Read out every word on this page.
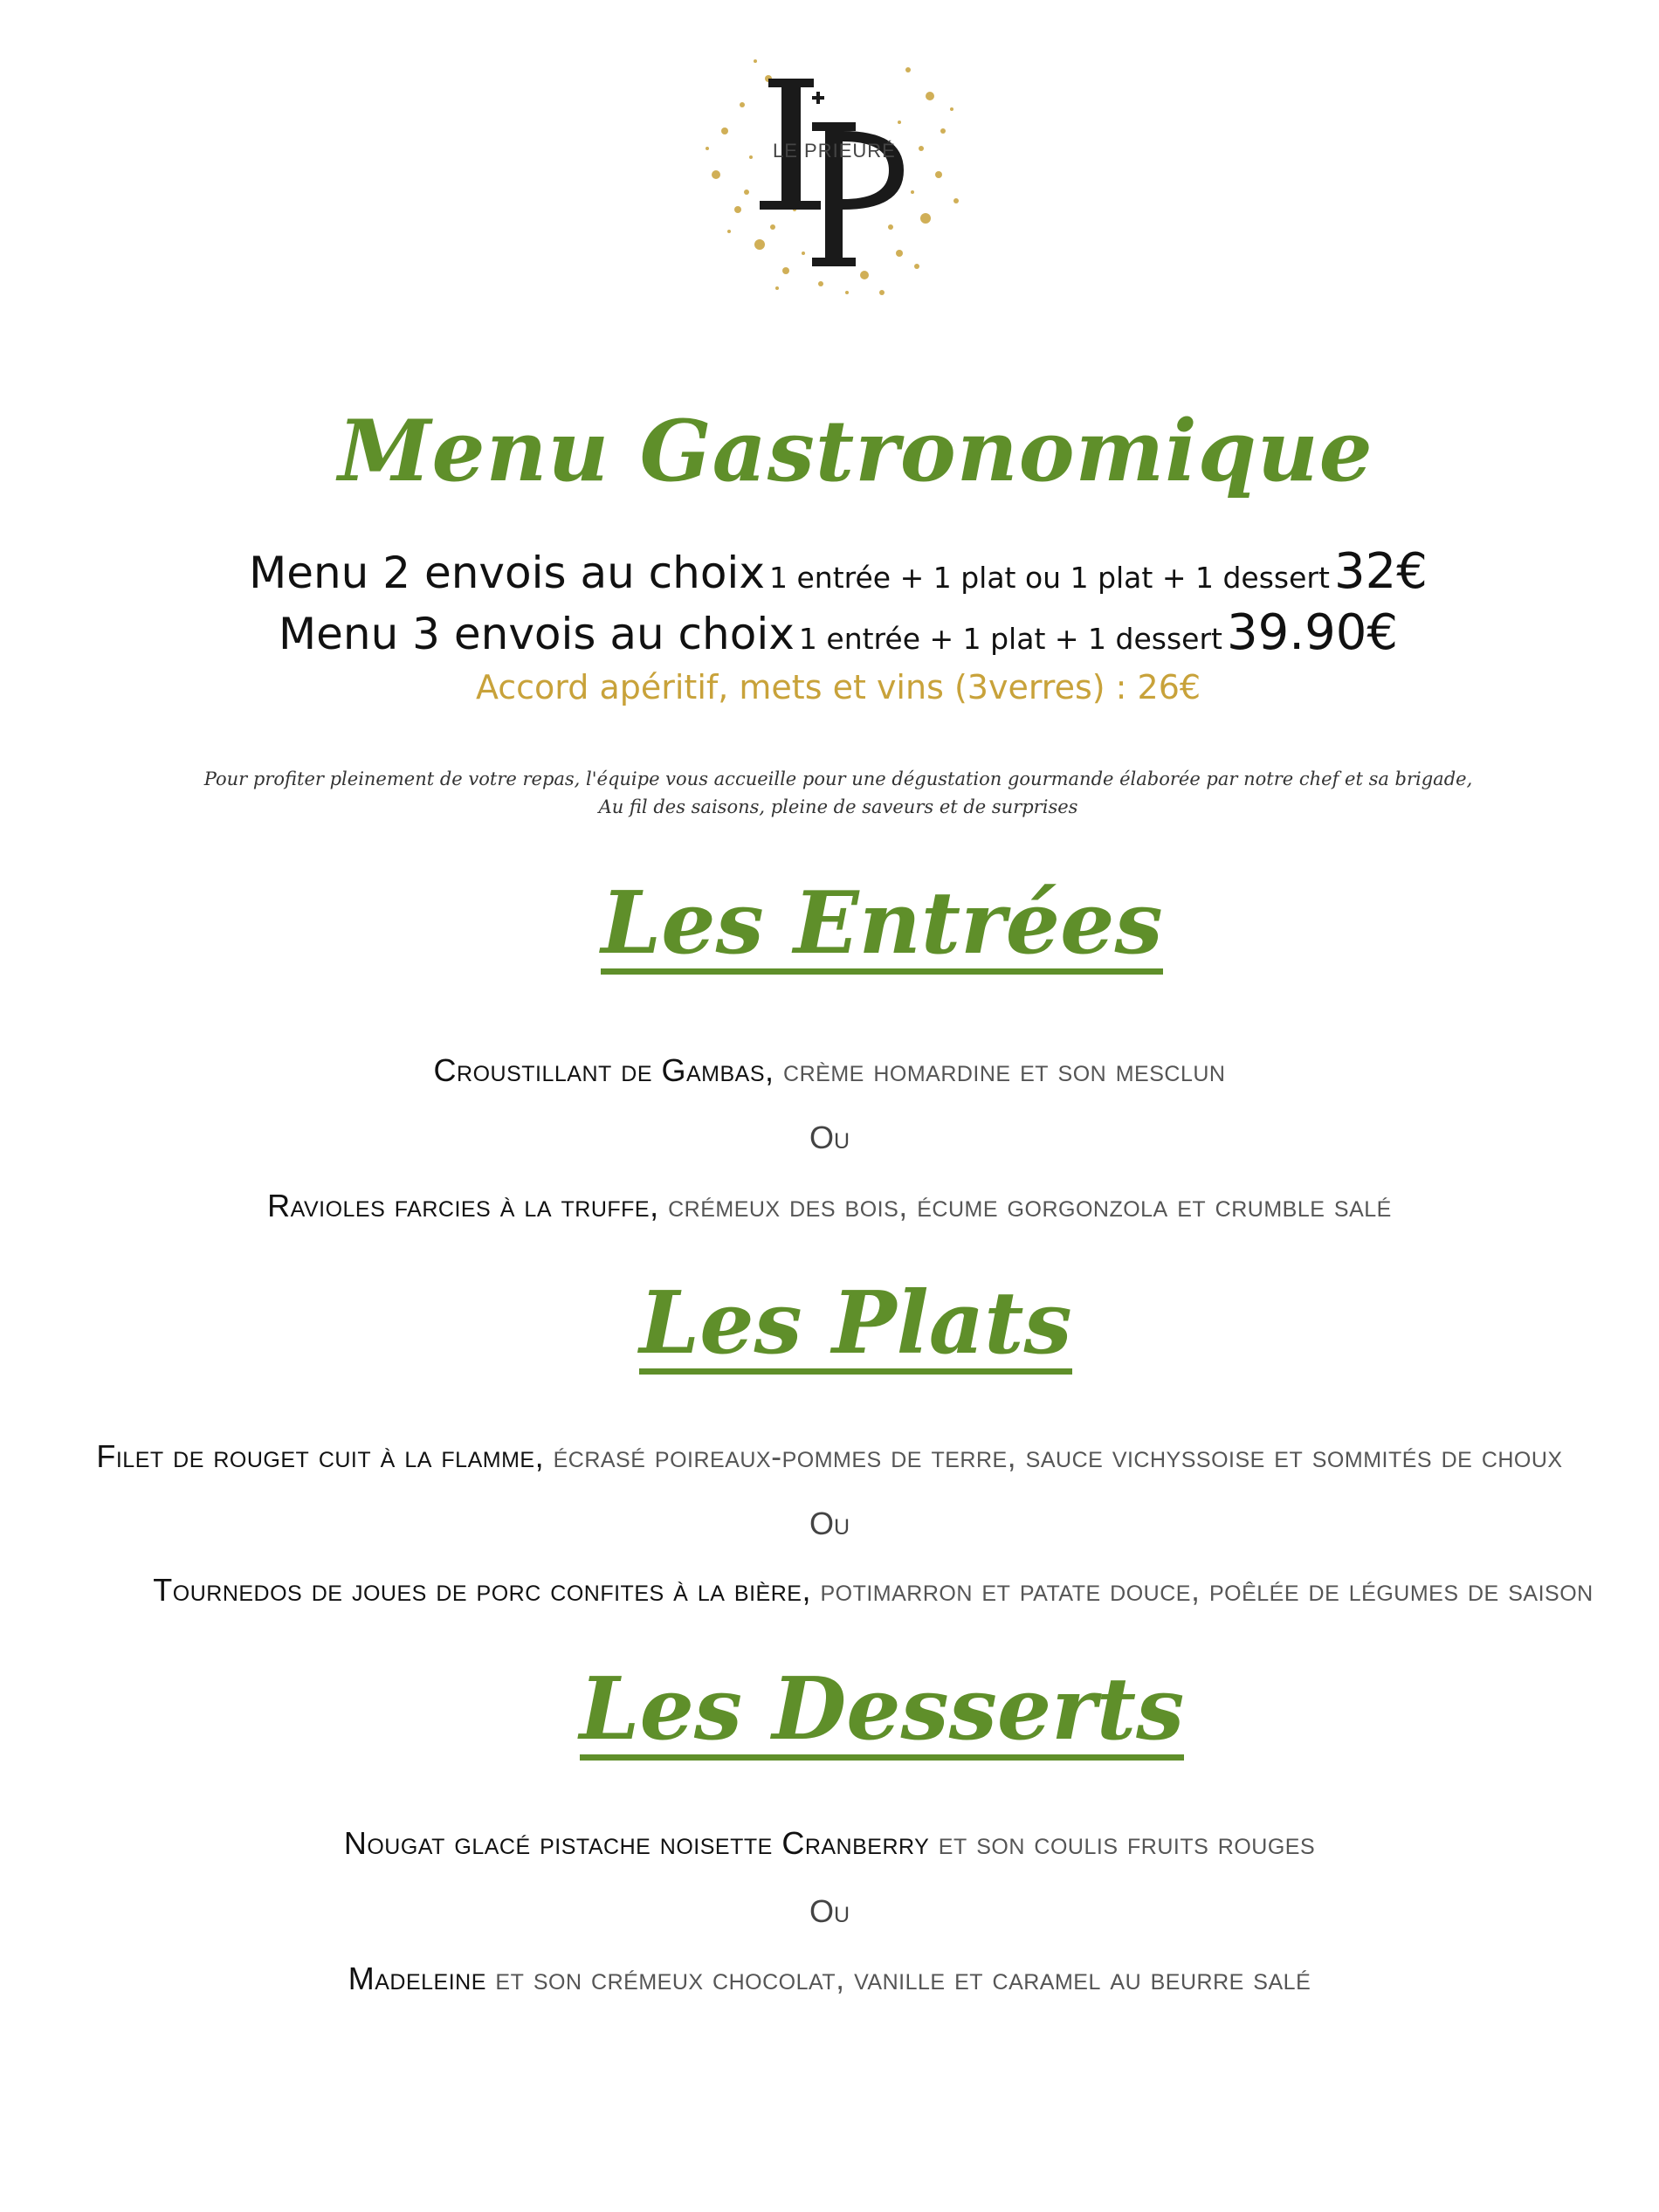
LE PRIEURÉ
Menu Gastronomique
Menu 2 envois au choix 1 entrée + 1 plat ou 1 plat + 1 dessert 32€
Menu 3 envois au choix 1 entrée + 1 plat + 1 dessert 39.90€
Accord apéritif, mets et vins (3verres) : 26€
Pour profiter pleinement de votre repas, l'équipe vous accueille pour une dégustation gourmande élaborée par notre chef et sa brigade,
Au fil des saisons, pleine de saveurs et de surprises
Les Entrées
Croustillant de Gambas, crème homardine et son mesclun
Ou
Ravioles farcies à la truffe, crémeux des bois, écume gorgonzola et crumble salé
Les Plats
Filet de rouget cuit à la flamme, écrasé poireaux-pommes de terre, sauce vichyssoise et sommités de choux
Ou
Tournedos de joues de porc confites à la bière, potimarron et patate douce, poêlée de légumes de saison
Les Desserts
Nougat glacé pistache noisette Cranberry et son coulis fruits rouges
Ou
Madeleine et son crémeux chocolat, vanille et caramel au beurre salé
